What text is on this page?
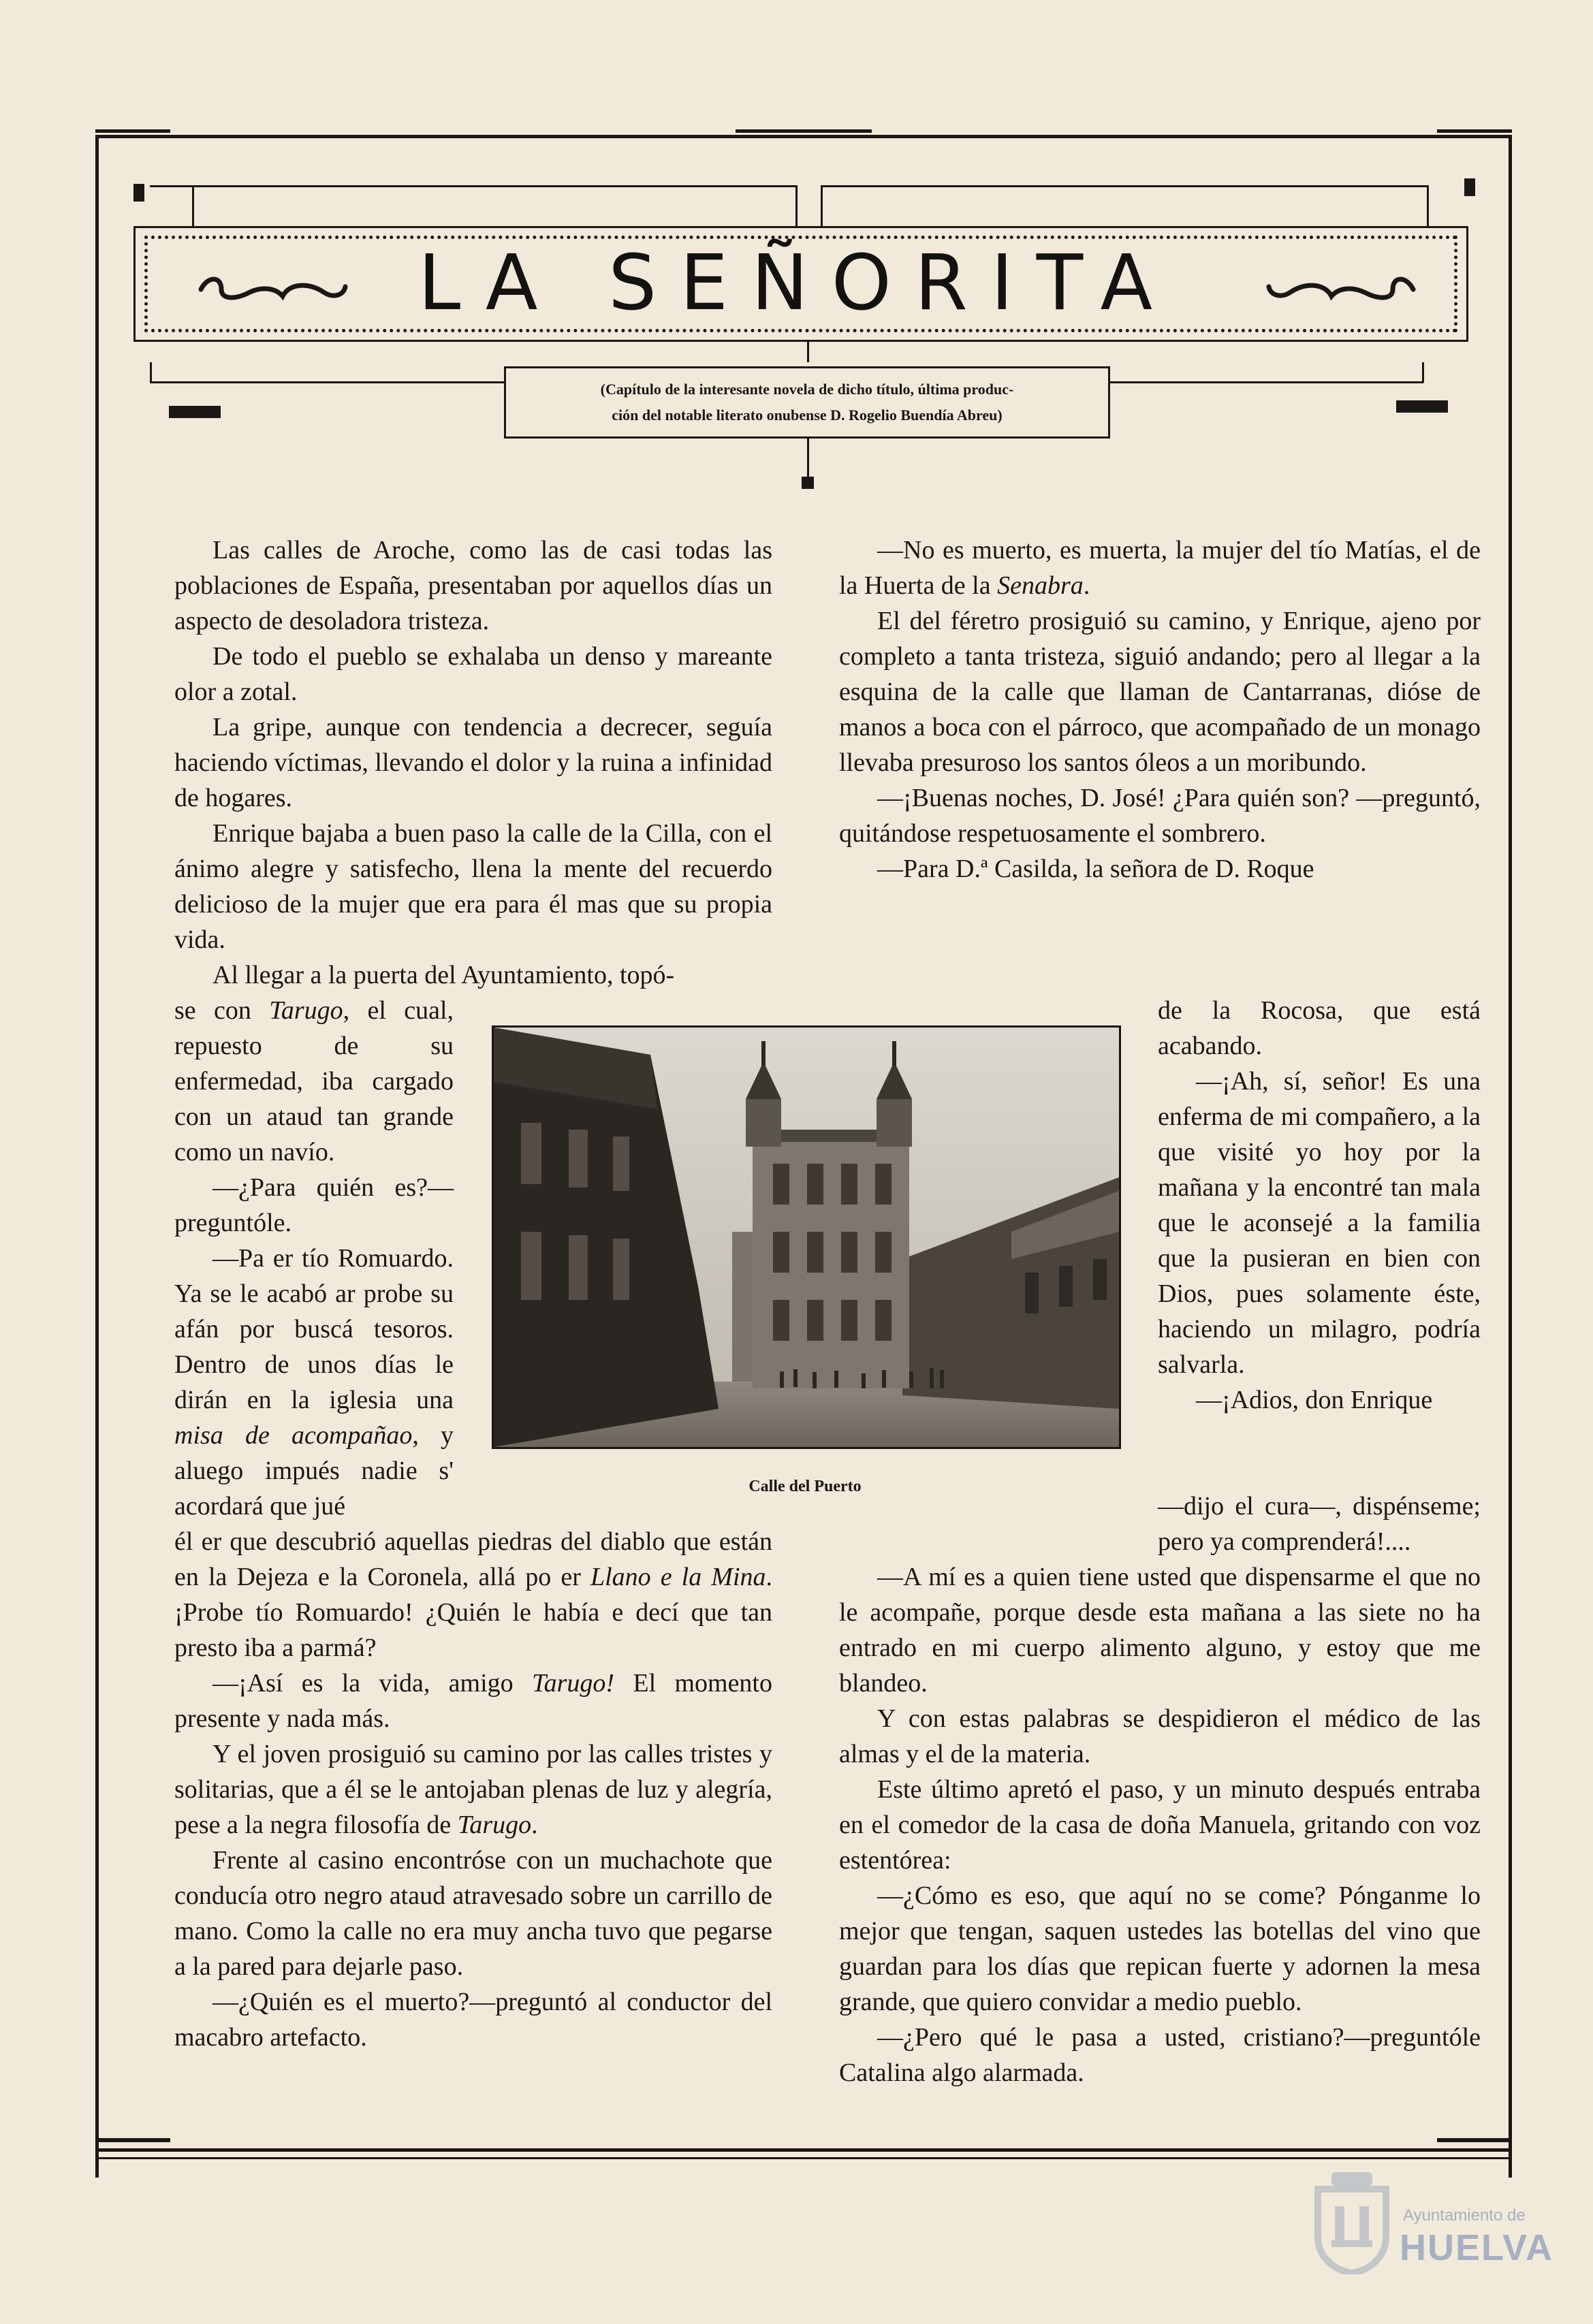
LA SEÑORITA
(Capítulo de la interesante novela de dicho título, última produc-
ción del notable literato onubense D. Rogelio Buendía Abreu)

Las calles de Aroche, como las de casi todas las poblaciones de España, presentaban por aquellos días un aspecto de desoladora tristeza.

De todo el pueblo se exhalaba un denso y mareante olor a zotal.

La gripe, aunque con tendencia a decrecer, seguía haciendo víctimas, llevando el dolor y la ruina a infinidad de hogares.

Enrique bajaba a buen paso la calle de la Cilla, con el ánimo alegre y satisfecho, llena la mente del recuerdo delicioso de la mujer que era para él mas que su propia vida.

Al llegar a la puerta del Ayuntamiento, topó-

se con Tarugo, el cual, repuesto de su enfermedad, iba cargado con un ataud tan grande como un navío.

—¿Para quién es?— preguntóle.

—Pa er tío Romuardo. Ya se le acabó ar probe su afán por buscá tesoros. Dentro de unos días le dirán en la iglesia una misa de acompañao, y aluego impués nadie s' acordará que jué

él er que descubrió aquellas piedras del diablo que están en la Dejeza e la Coronela, allá po er Llano e la Mina. ¡Probe tío Romuardo! ¿Quién le había e decí que tan presto iba a parmá?

—¡Así es la vida, amigo Tarugo! El momento presente y nada más.

Y el joven prosiguió su camino por las calles tristes y solitarias, que a él se le antojaban plenas de luz y alegría, pese a la negra filosofía de Tarugo.

Frente al casino encontróse con un muchachote que conducía otro negro ataud atravesado sobre un carrillo de mano. Como la calle no era muy ancha tuvo que pegarse a la pared para dejarle paso.

—¿Quién es el muerto?—preguntó al conductor del macabro artefacto.

—No es muerto, es muerta, la mujer del tío Matías, el de la Huerta de la Senabra.

El del féretro prosiguió su camino, y Enrique, ajeno por completo a tanta tristeza, siguió andando; pero al llegar a la esquina de la calle que llaman de Cantarranas, dióse de manos a boca con el párroco, que acompañado de un monago llevaba presuroso los santos óleos a un moribundo.

—¡Buenas noches, D. José! ¿Para quién son? —preguntó, quitándose respetuosamente el sombrero.

—Para D.ª Casilda, la señora de D. Roque

de la Rocosa, que está acabando.

—¡Ah, sí, señor! Es una enferma de mi compañero, a la que visité yo hoy por la mañana y la encontré tan mala que le aconsejé a la familia que la pusieran en bien con Dios, pues solamente éste, haciendo un milagro, podría salvarla.

—¡Adios, don Enrique

—dijo el cura—, dispénseme; pero ya comprenderá!....

—A mí es a quien tiene usted que dispensarme el que no le acompañe, porque desde esta mañana a las siete no ha entrado en mi cuerpo alimento alguno, y estoy que me blandeo.

Y con estas palabras se despidieron el médico de las almas y el de la materia.

Este último apretó el paso, y un minuto después entraba en el comedor de la casa de doña Manuela, gritando con voz estentórea:

—¿Cómo es eso, que aquí no se come? Pónganme lo mejor que tengan, saquen ustedes las botellas del vino que guardan para los días que repican fuerte y adornen la mesa grande, que quiero convidar a medio pueblo.

—¿Pero qué le pasa a usted, cristiano?—preguntóle Catalina algo alarmada.

Calle del Puerto
Ayuntamiento de
HUELVA
